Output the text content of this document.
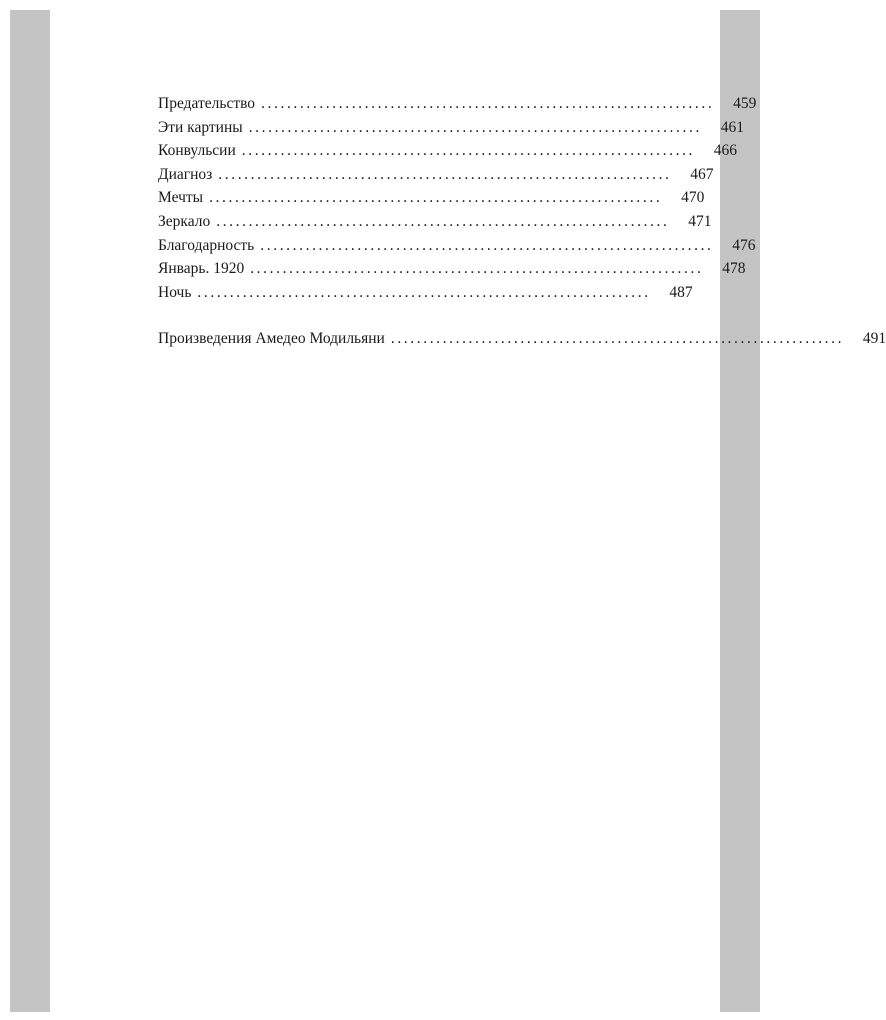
Предательство ......................................................................	459
Эти картины ......................................................................	461
Конвульсии ......................................................................	466
Диагноз ......................................................................	467
Мечты ......................................................................	470
Зеркало ......................................................................	471
Благодарность ......................................................................	476
Январь. 1920 ......................................................................	478
Ночь ......................................................................	487
Произведения Амедео Модильяни ......................................................................	491
